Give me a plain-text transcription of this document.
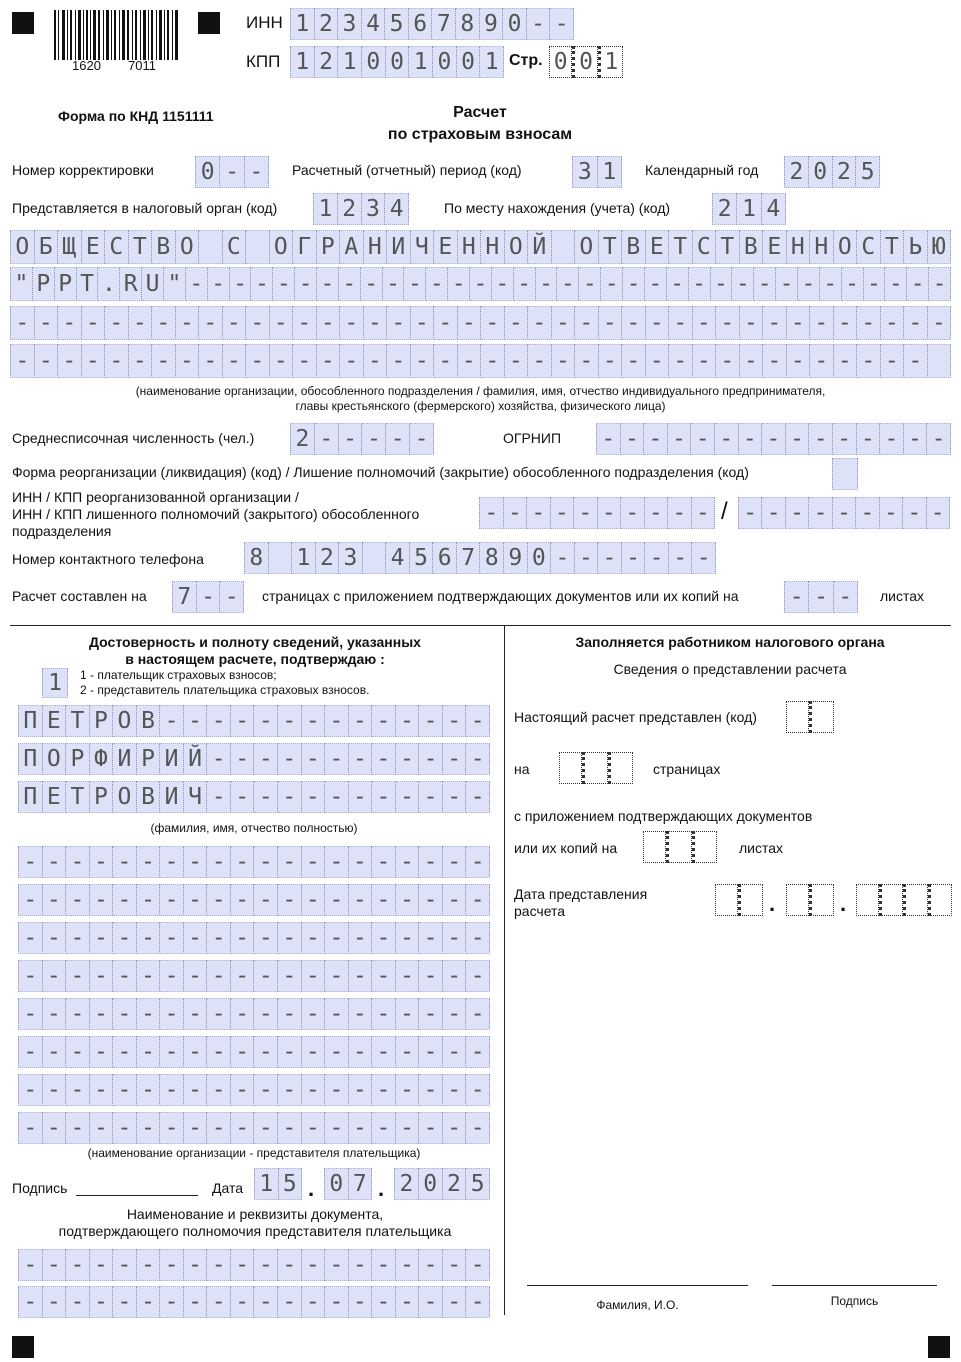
1620 7011
ИНН 1 2 3 4 5 6 7 8 9 0 - -
КПП 1 2 1 0 0 1 0 0 1 Стр. 0 0 1
Форма по КНД 1151111	Расчет
по страховым взносам
Номер корректировки 0 - -	Расчетный (отчетный) период (код) 3 1	Календарный год 2 0 2 5
Представляется в налоговый орган (код) 1 2 3 4	По месту нахождения (учета) (код) 2 1 4
О Б Щ Е С Т В О С О Г Р А Н И Ч Е Н Н О Й О Т В Е Т С Т В Е Н Н О С Т Ь Ю
" P P T . R U " - - - - - - - - - - - - - - - - - - - - - - - - - - - - - - - - - - -
- - - - - - - - - - - - - - - - - - - - - - - - - - - - - - - - - - - - - - - -
- - - - - - - - - - - - - - - - - - - - - - - - - - - - - - - - - - - - - - -
(наименование организации, обособленного подразделения / фамилия, имя, отчество индивидуального предпринимателя,
главы крестьянского (фермерского) хозяйства, физического лица)
Среднесписочная численность (чел.) 2 - - - - -	ОГРНИП - - - - - - - - - - - - - - -
Форма реорганизации (ликвидация) (код) / Лишение полномочий (закрытие) обособленного подразделения (код)
ИНН / КПП реорганизованной организации /
ИНН / КПП лишенного полномочий (закрытого) обособленного
подразделения
- - - - - - - - - - / - - - - - - - - -
Номер контактного телефона 8 1 2 3 4 5 6 7 8 9 0 - - - - - - -
Расчет составлен на 7 - -	страницах с приложением подтверждающих документов или их копий на - - -	листах
Достоверность и полноту сведений, указанных
в настоящем расчете, подтверждаю :
1	1 - плательщик страховых взносов;
2 - представитель плательщика страховых взносов.
П Е Т Р О В - - - - - - - - - - - - - -
П О Р Ф И Р И Й - - - - - - - - - - - -
П Е Т Р О В И Ч - - - - - - - - - - - -
(фамилия, имя, отчество полностью)
- - - - - - - - - - - - - - - - - - - -
- - - - - - - - - - - - - - - - - - - -
- - - - - - - - - - - - - - - - - - - -
- - - - - - - - - - - - - - - - - - - -
- - - - - - - - - - - - - - - - - - - -
- - - - - - - - - - - - - - - - - - - -
- - - - - - - - - - - - - - - - - - - -
- - - - - - - - - - - - - - - - - - - -
(наименование организации - представителя плательщика)
Подпись	Дата 1 5 . 0 7 . 2 0 2 5
Наименование и реквизиты документа,
подтверждающего полномочия представителя плательщика
- - - - - - - - - - - - - - - - - - - -
- - - - - - - - - - - - - - - - - - - -
Заполняется работником налогового органа
Сведения о представлении расчета
Настоящий расчет представлен (код)
на	страницах
с приложением подтверждающих документов
или их копий на	листах
Дата представления
расчета	.	.
Фамилия, И.О.	Подпись
